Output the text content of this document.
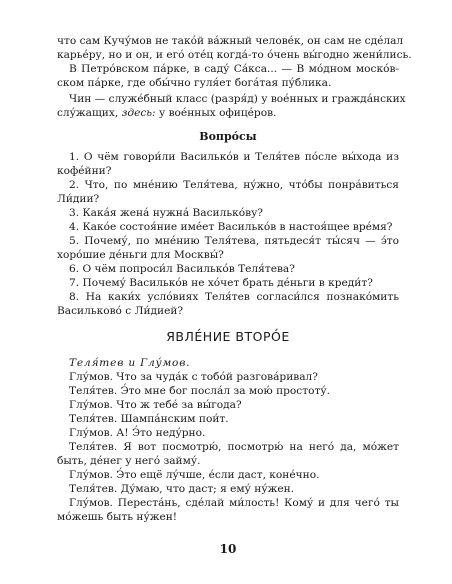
что сам Кучу́мов не тако́й ва́жный челове́к, он сам не сде́лал
карье́ру, но и он, и его́ оте́ц когда́-то о́чень вы́годно жени́лись.
В Петро́вском па́рке, в саду́ Са́кса... — В мо́дном моско́в-
ском па́рке, где обы́чно гуля́ет бога́тая пу́блика.
Чин — служе́бный класс (разря́д) у вое́нных и гражда́нских
слу́жащих, здесь: у вое́нных офице́ров.
Вопро́сы
1. О чём говори́ли Василько́в и Теля́тев по́сле вы́хода из
кофе́йни?
2. Что, по мне́нию Теля́тева, ну́жно, что́бы понра́виться
Ли́дии?
3. Кака́я жена́ нужна́ Василько́ву?
4. Како́е состоя́ние име́ет Василько́в в настоя́щее вре́мя?
5. Почему́, по мне́нию Теля́тева, пятьдеся́т ты́сяч — э́то
хоро́шие де́ньги для Москвы́?
6. О чём попроси́л Василько́в Теля́тева?
7. Почему́ Василько́в не хо́чет брать де́ньги в креди́т?
8. На каки́х усло́виях Теля́тев согласи́лся познако́мить
Васильково́ с Ли́дией?
ЯВЛЕ́НИЕ ВТОРО́Е
Теля́тев и Глу́мов.
Глу́мов. Что за чуда́к с тобо́й разгова́ривал?
Теля́тев. Э́то мне бог посла́л за мою́ простоту́.
Глу́мов. Что ж тебе́ за вы́года?
Теля́тев. Шампа́нским пои́т.
Глу́мов. А! Э́то неду́рно.
Теля́тев. Я вот посмотрю́, посмотрю́ на него́ да, мо́жет
быть, де́нег у него́ займу́.
Глу́мов. Э́то ещё лу́чше, е́сли даст, коне́чно.
Теля́тев. Ду́маю, что даст; я ему́ ну́жен.
Глу́мов. Переста́нь, сде́лай ми́лость! Кому́ и для чего́ ты
мо́жешь быть ну́жен!
10
